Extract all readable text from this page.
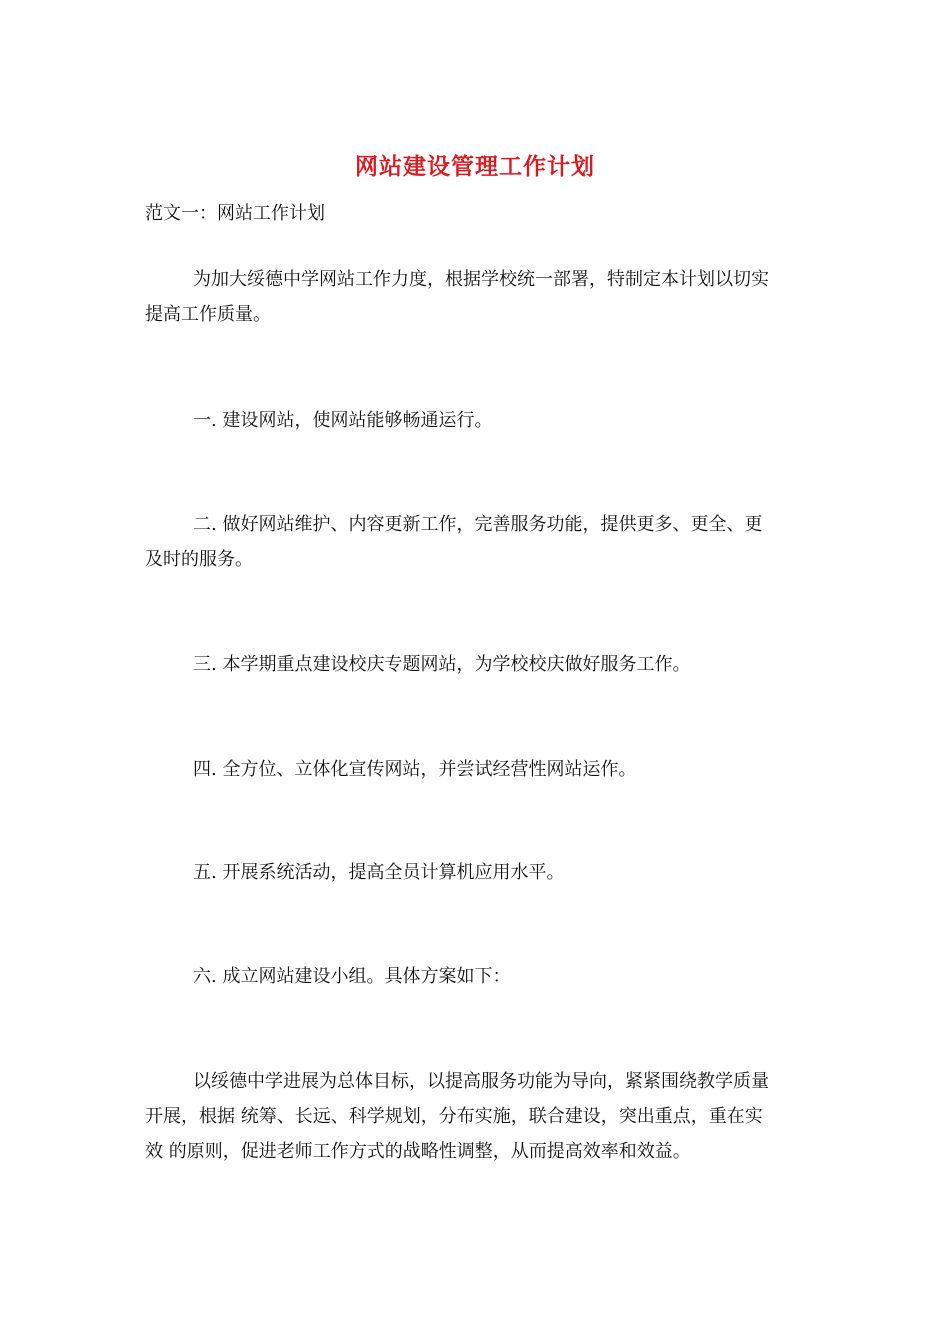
网站建设管理工作计划

范文一：网站工作计划

为加大绥德中学网站工作力度，根据学校统一部署，特制定本计划以切实
提高工作质量。

一. 建设网站，使网站能够畅通运行。

二. 做好网站维护、内容更新工作，完善服务功能，提供更多、更全、更
及时的服务。

三. 本学期重点建设校庆专题网站，为学校校庆做好服务工作。

四. 全方位、立体化宣传网站，并尝试经营性网站运作。

五. 开展系统活动，提高全员计算机应用水平。

六. 成立网站建设小组。具体方案如下：

以绥德中学进展为总体目标，以提高服务功能为导向，紧紧围绕教学质量
开展，根据 统筹、长远、科学规划，分布实施，联合建设，突出重点，重在实
效 的原则，促进老师工作方式的战略性调整，从而提高效率和效益。
